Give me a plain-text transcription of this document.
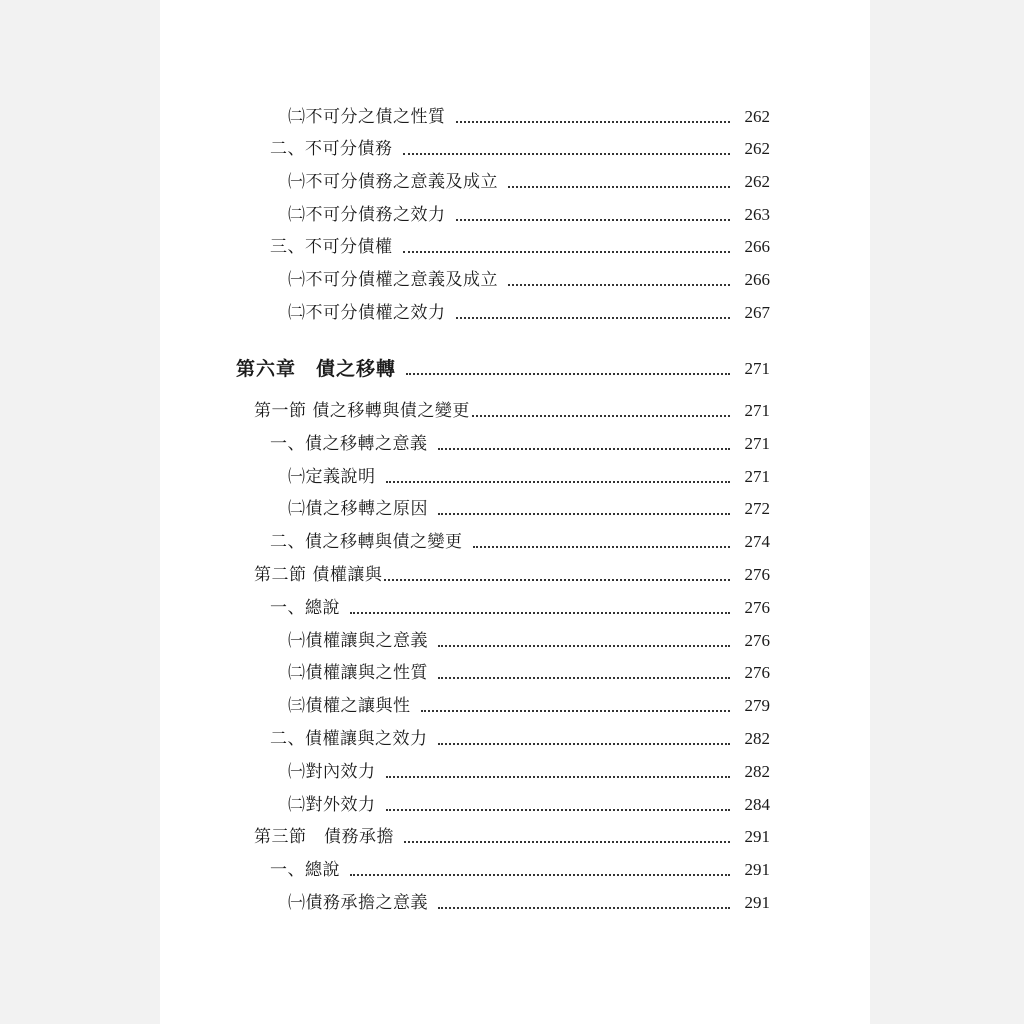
㈡不可分之債之性質	262
二、不可分債務	262
㈠不可分債務之意義及成立	262
㈡不可分債務之效力	263
三、不可分債權	266
㈠不可分債權之意義及成立	266
㈡不可分債權之效力	267
第六章　債之移轉	271
第一節 債之移轉與債之變更	271
一、債之移轉之意義	271
㈠定義說明	271
㈡債之移轉之原因	272
二、債之移轉與債之變更	274
第二節 債權讓與	276
一、總說	276
㈠債權讓與之意義	276
㈡債權讓與之性質	276
㈢債權之讓與性	279
二、債權讓與之效力	282
㈠對內效力	282
㈡對外效力	284
第三節　債務承擔	291
一、總說	291
㈠債務承擔之意義	291
